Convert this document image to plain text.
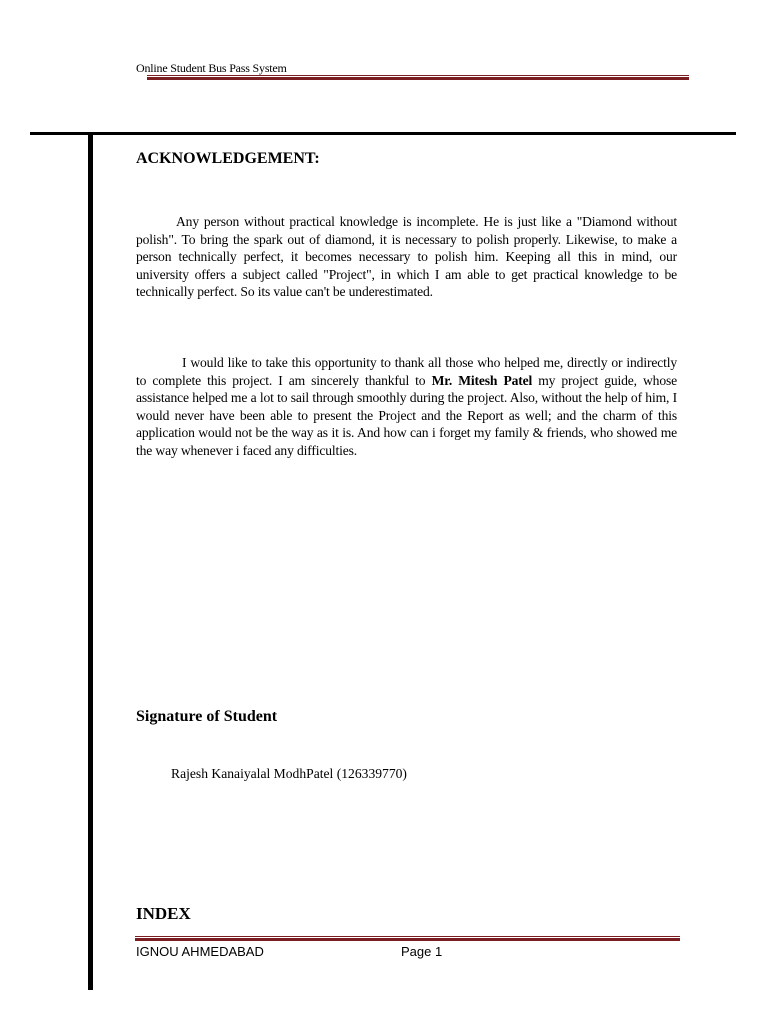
Online Student Bus Pass System
ACKNOWLEDGEMENT:
Any person without practical knowledge is incomplete. He is just like a "Diamond without polish". To bring the spark out of diamond, it is necessary to polish properly. Likewise, to make a person technically perfect, it becomes necessary to polish him. Keeping all this in mind, our university offers a subject called "Project", in which I am able to get practical knowledge to be technically perfect. So its value can't be underestimated.
I would like to take this opportunity to thank all those who helped me, directly or indirectly to complete this project. I am sincerely thankful to Mr. Mitesh Patel my project guide, whose assistance helped me a lot to sail through smoothly during the project. Also, without the help of him, I would never have been able to present the Project and the Report as well; and the charm of this application would not be the way as it is. And how can i forget my family & friends, who showed me the way whenever i faced any difficulties.
Signature of Student
Rajesh Kanaiyalal ModhPatel (126339770)
INDEX
IGNOU AHMEDABAD	Page 1
